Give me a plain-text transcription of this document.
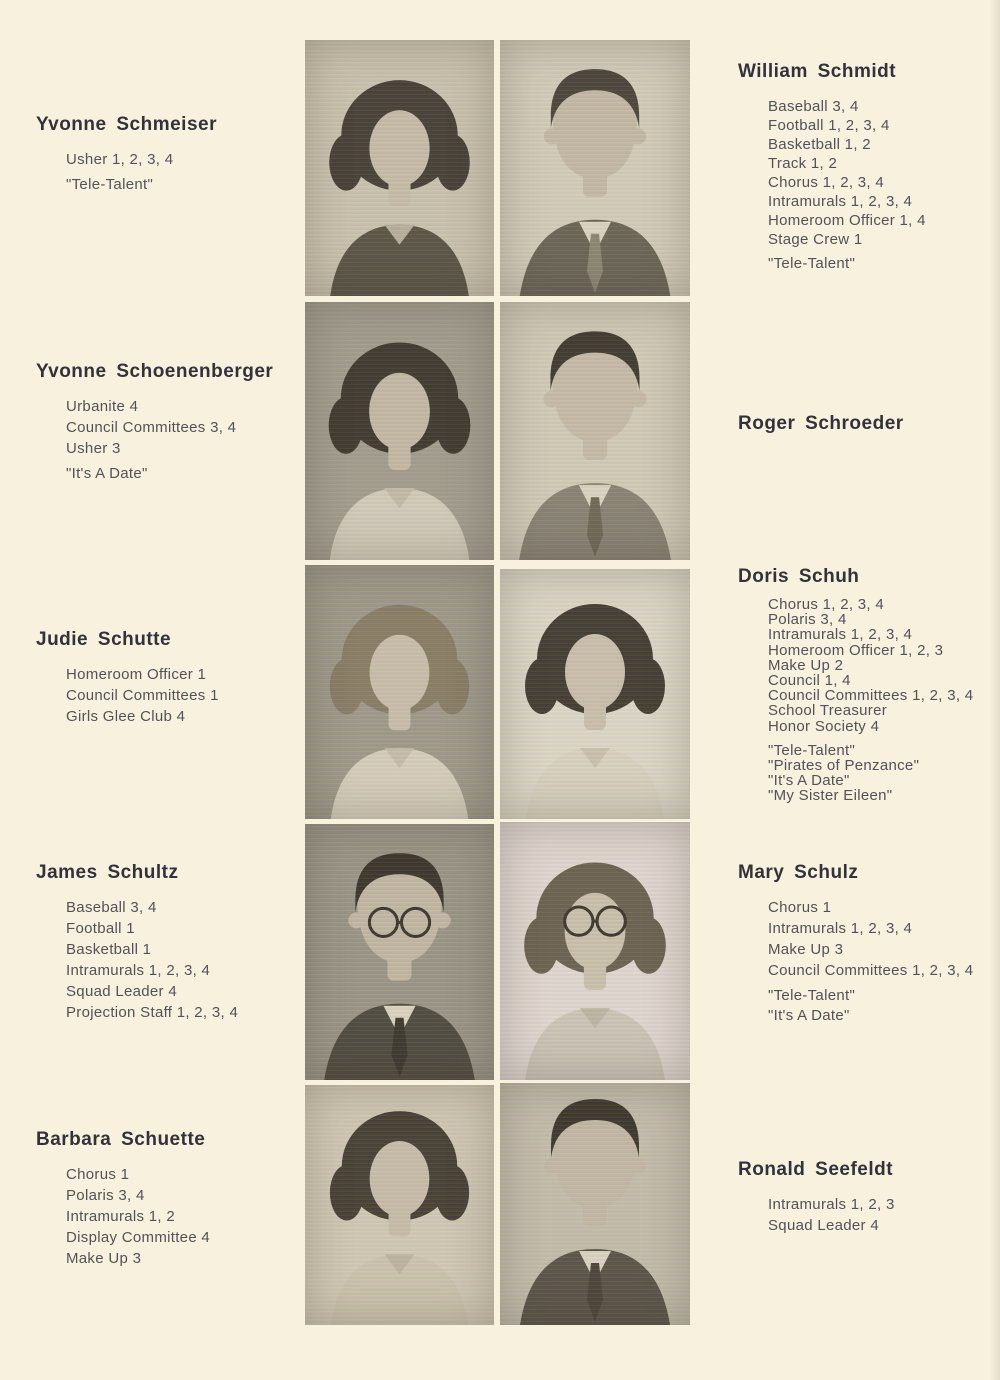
Yvonne Schmeiser
Usher 1, 2, 3, 4
"Tele-Talent"
Yvonne Schoenenberger
Urbanite 4
Council Committees 3, 4
Usher 3
"It's A Date"
Judie Schutte
Homeroom Officer 1
Council Committees 1
Girls Glee Club 4
James Schultz
Baseball 3, 4
Football 1
Basketball 1
Intramurals 1, 2, 3, 4
Squad Leader 4
Projection Staff 1, 2, 3, 4
Barbara Schuette
Chorus 1
Polaris 3, 4
Intramurals 1, 2
Display Committee 4
Make Up 3
William Schmidt
Baseball 3, 4
Football 1, 2, 3, 4
Basketball 1, 2
Track 1, 2
Chorus 1, 2, 3, 4
Intramurals 1, 2, 3, 4
Homeroom Officer 1, 4
Stage Crew 1
"Tele-Talent"
Roger Schroeder
Doris Schuh
Chorus 1, 2, 3, 4
Polaris 3, 4
Intramurals 1, 2, 3, 4
Homeroom Officer 1, 2, 3
Make Up 2
Council 1, 4
Council Committees 1, 2, 3, 4
School Treasurer
Honor Society 4
"Tele-Talent"
"Pirates of Penzance"
"It's A Date"
"My Sister Eileen"
Mary Schulz
Chorus 1
Intramurals 1, 2, 3, 4
Make Up 3
Council Committees 1, 2, 3, 4
"Tele-Talent"
"It's A Date"
Ronald Seefeldt
Intramurals 1, 2, 3
Squad Leader 4
